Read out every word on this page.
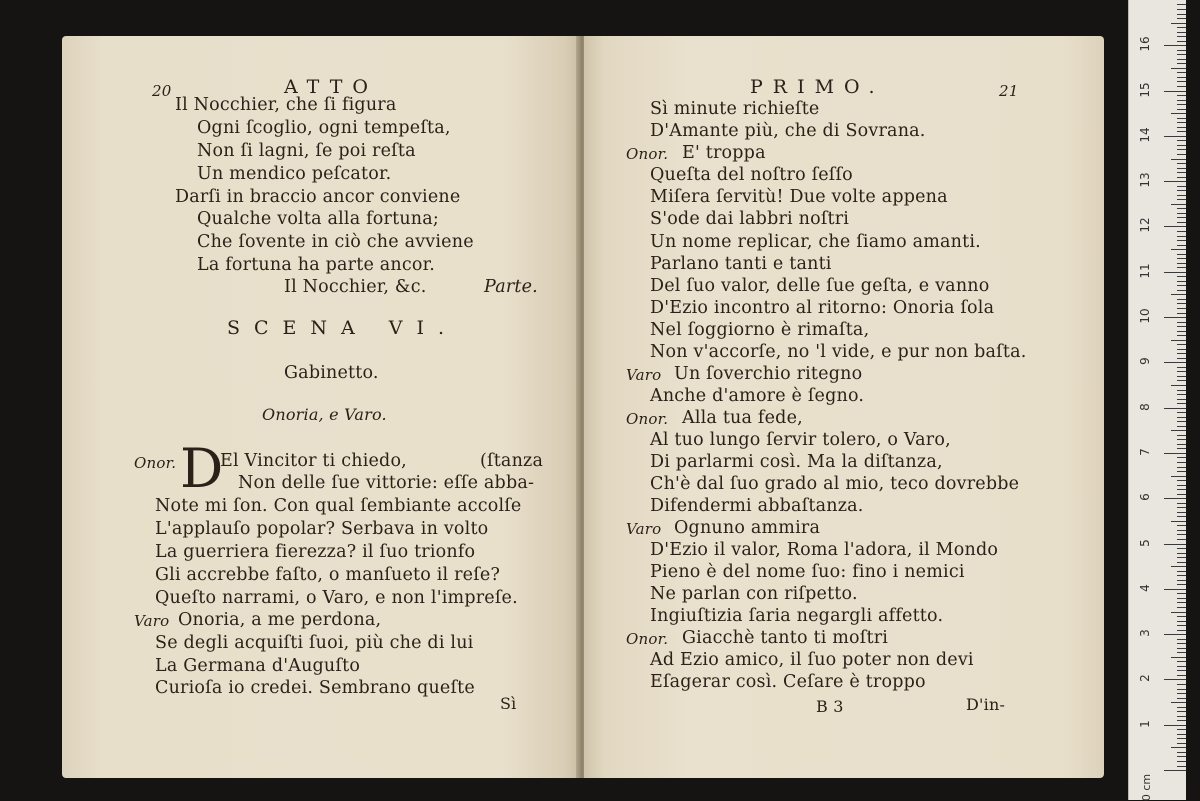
20	ATTO
Il Nocchier, che ſi figura
Ogni ſcoglio, ogni tempeſta,
Non ſi lagni, ſe poi reſta
Un mendico peſcator.
Darſi in braccio ancor conviene
Qualche volta alla fortuna;
Che ſovente in ciò che avviene
La fortuna ha parte ancor.
Il Nocchier, &c.	Parte.
SCENA VI.
Gabinetto.
Onoria, e Varo.
Onor. D
El Vincitor ti chiedo,	(ſtanza
Non delle ſue vittorie: eſſe abba-
Note mi ſon. Con qual ſembiante accolſe
L'applauſo popolar? Serbava in volto
La guerriera fierezza? il ſuo trionfo
Gli accrebbe faſto, o manſueto il reſe?
Queſto narrami, o Varo, e non l'impreſe.
Varo Onoria, a me perdona,
Se degli acquiſti ſuoi, più che di lui
La Germana d'Auguſto
Curioſa io credei. Sembrano queſte
Sì
PRIMO.	21
Sì minute richieſte
D'Amante più, che di Sovrana.
Onor. E' troppa
Queſta del noſtro ſeſſo
Miſera ſervitù! Due volte appena
S'ode dai labbri noſtri
Un nome replicar, che ſiamo amanti.
Parlano tanti e tanti
Del ſuo valor, delle ſue geſta, e vanno
D'Ezio incontro al ritorno: Onoria ſola
Nel ſoggiorno è rimaſta,
Non v'accorſe, no 'l vide, e pur non baſta.
Varo Un ſoverchio ritegno
Anche d'amore è ſegno.
Onor. Alla tua fede,
Al tuo lungo ſervir tolero, o Varo,
Di parlarmi così. Ma la diſtanza,
Ch'è dal ſuo grado al mio, teco dovrebbe
Difendermi abbaſtanza.
Varo Ognuno ammira
D'Ezio il valor, Roma l'adora, il Mondo
Pieno è del nome ſuo: fino i nemici
Ne parlan con riſpetto.
Ingiuſtizia ſaria negargli affetto.
Onor. Giacchè tanto ti moſtri
Ad Ezio amico, il ſuo poter non devi
Eſagerar così. Ceſare è troppo
B 3	D'in-
0 cm
1
2
3
4
5
6
7
8
9
10
11
12
13
14
15
16
